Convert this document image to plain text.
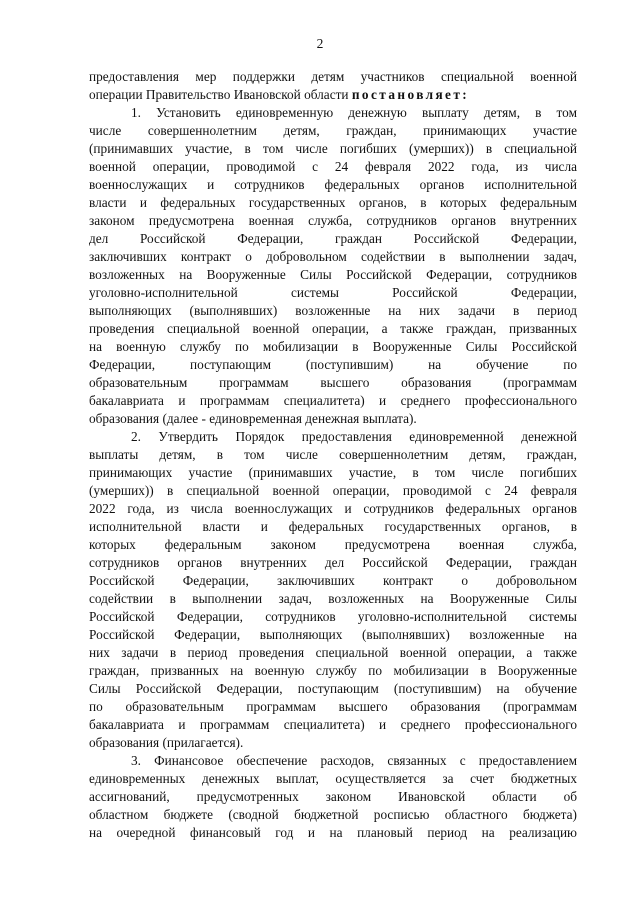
2
предоставления мер поддержки детям участников специальной военной
операции Правительство Ивановской области постановляет:
1. Установить единовременную денежную выплату детям, в том
числе совершеннолетним детям, граждан, принимающих участие
(принимавших участие, в том числе погибших (умерших)) в специальной
военной операции, проводимой с 24 февраля 2022 года, из числа
военнослужащих и сотрудников федеральных органов исполнительной
власти и федеральных государственных органов, в которых федеральным
законом предусмотрена военная служба, сотрудников органов внутренних
дел Российской Федерации, граждан Российской Федерации,
заключивших контракт о добровольном содействии в выполнении задач,
возложенных на Вооруженные Силы Российской Федерации, сотрудников
уголовно-исполнительной системы Российской Федерации,
выполняющих (выполнявших) возложенные на них задачи в период
проведения специальной военной операции, а также граждан, призванных
на военную службу по мобилизации в Вооруженные Силы Российской
Федерации, поступающим (поступившим) на обучение по
образовательным программам высшего образования (программам
бакалавриата и программам специалитета) и среднего профессионального
образования (далее - единовременная денежная выплата).
2. Утвердить Порядок предоставления единовременной денежной
выплаты детям, в том числе совершеннолетним детям, граждан,
принимающих участие (принимавших участие, в том числе погибших
(умерших)) в специальной военной операции, проводимой с 24 февраля
2022 года, из числа военнослужащих и сотрудников федеральных органов
исполнительной власти и федеральных государственных органов, в
которых федеральным законом предусмотрена военная служба,
сотрудников органов внутренних дел Российской Федерации, граждан
Российской Федерации, заключивших контракт о добровольном
содействии в выполнении задач, возложенных на Вооруженные Силы
Российской Федерации, сотрудников уголовно-исполнительной системы
Российской Федерации, выполняющих (выполнявших) возложенные на
них задачи в период проведения специальной военной операции, а также
граждан, призванных на военную службу по мобилизации в Вооруженные
Силы Российской Федерации, поступающим (поступившим) на обучение
по образовательным программам высшего образования (программам
бакалавриата и программам специалитета) и среднего профессионального
образования (прилагается).
3. Финансовое обеспечение расходов, связанных с предоставлением
единовременных денежных выплат, осуществляется за счет бюджетных
ассигнований, предусмотренных законом Ивановской области об
областном бюджете (сводной бюджетной росписью областного бюджета)
на очередной финансовый год и на плановый период на реализацию
